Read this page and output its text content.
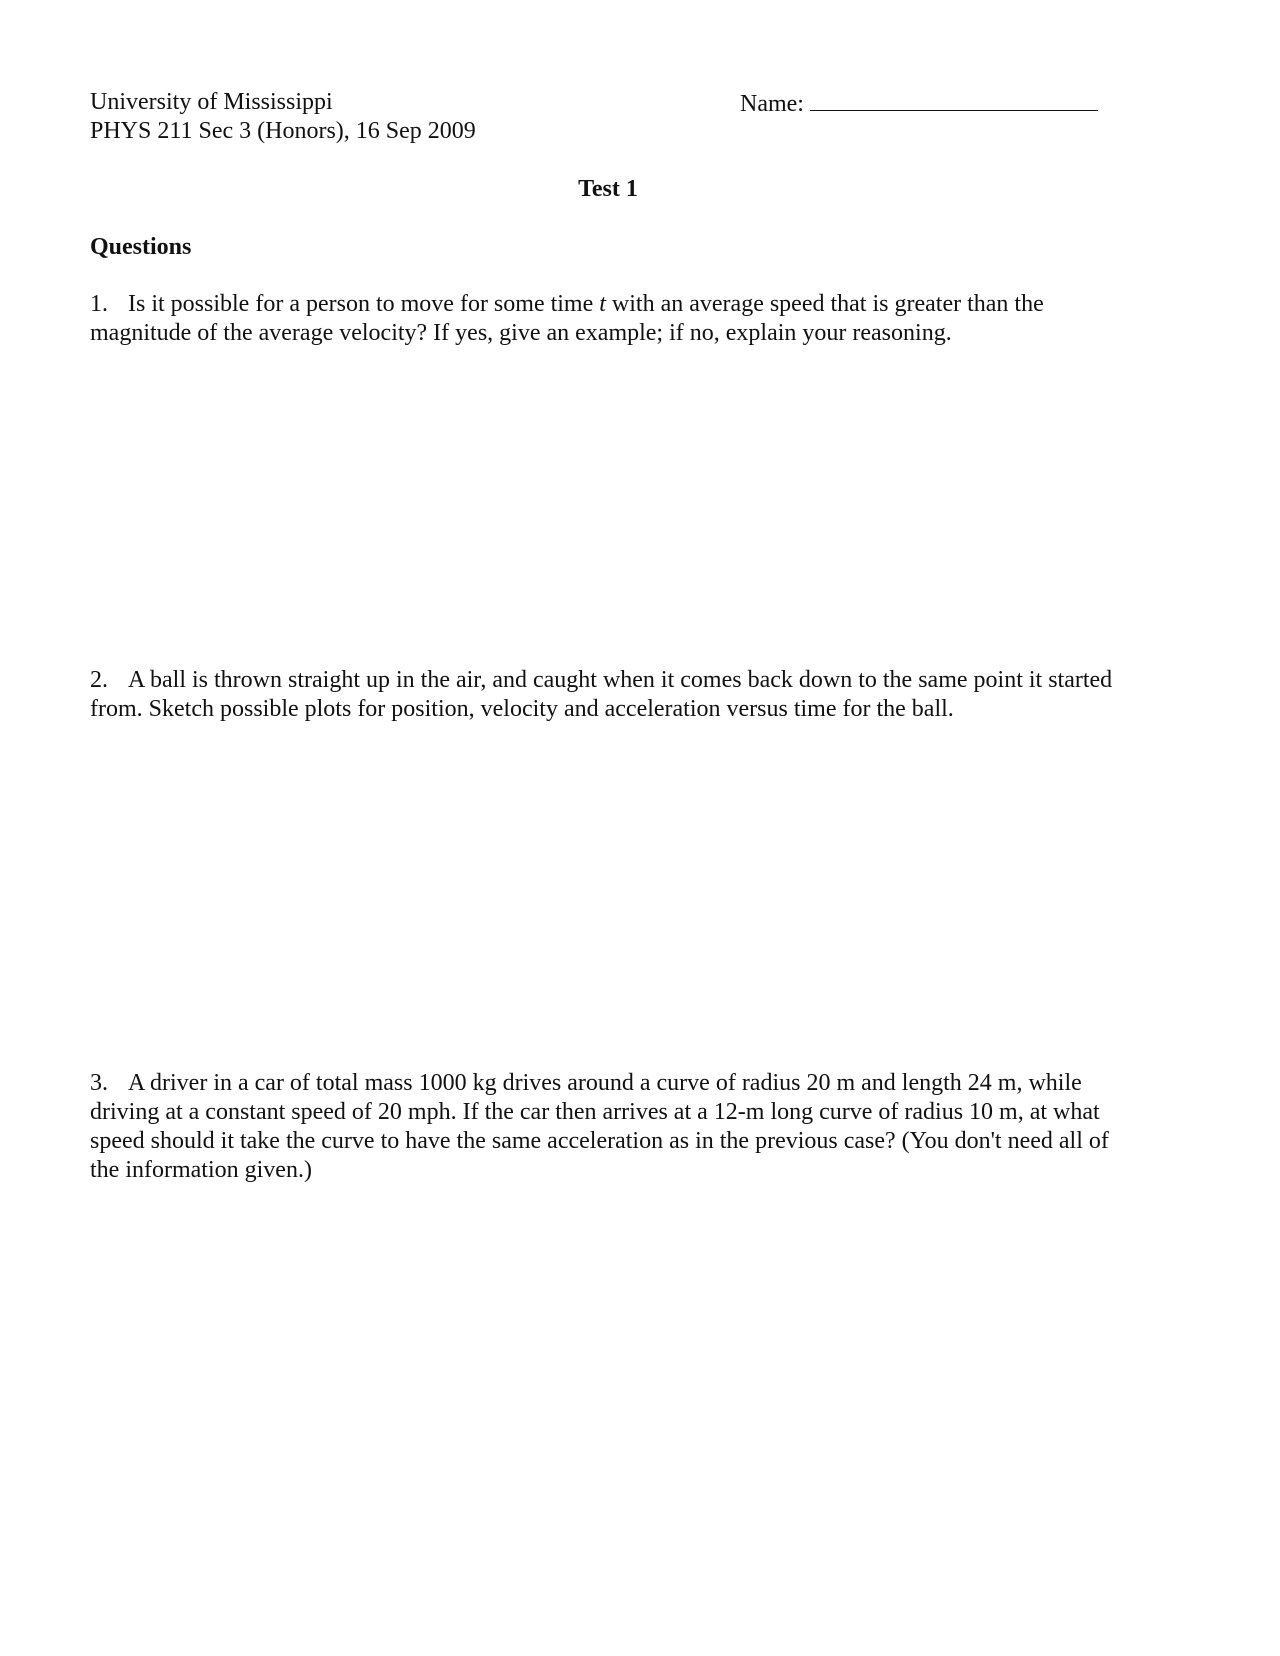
University of Mississippi
PHYS 211 Sec 3 (Honors), 16 Sep 2009
Name:
Test 1
Questions
1. Is it possible for a person to move for some time t with an average speed that is greater than the magnitude of the average velocity? If yes, give an example; if no, explain your reasoning.
2. A ball is thrown straight up in the air, and caught when it comes back down to the same point it started from. Sketch possible plots for position, velocity and acceleration versus time for the ball.
3. A driver in a car of total mass 1000 kg drives around a curve of radius 20 m and length 24 m, while driving at a constant speed of 20 mph. If the car then arrives at a 12-m long curve of radius 10 m, at what speed should it take the curve to have the same acceleration as in the previous case? (You don't need all of the information given.)
